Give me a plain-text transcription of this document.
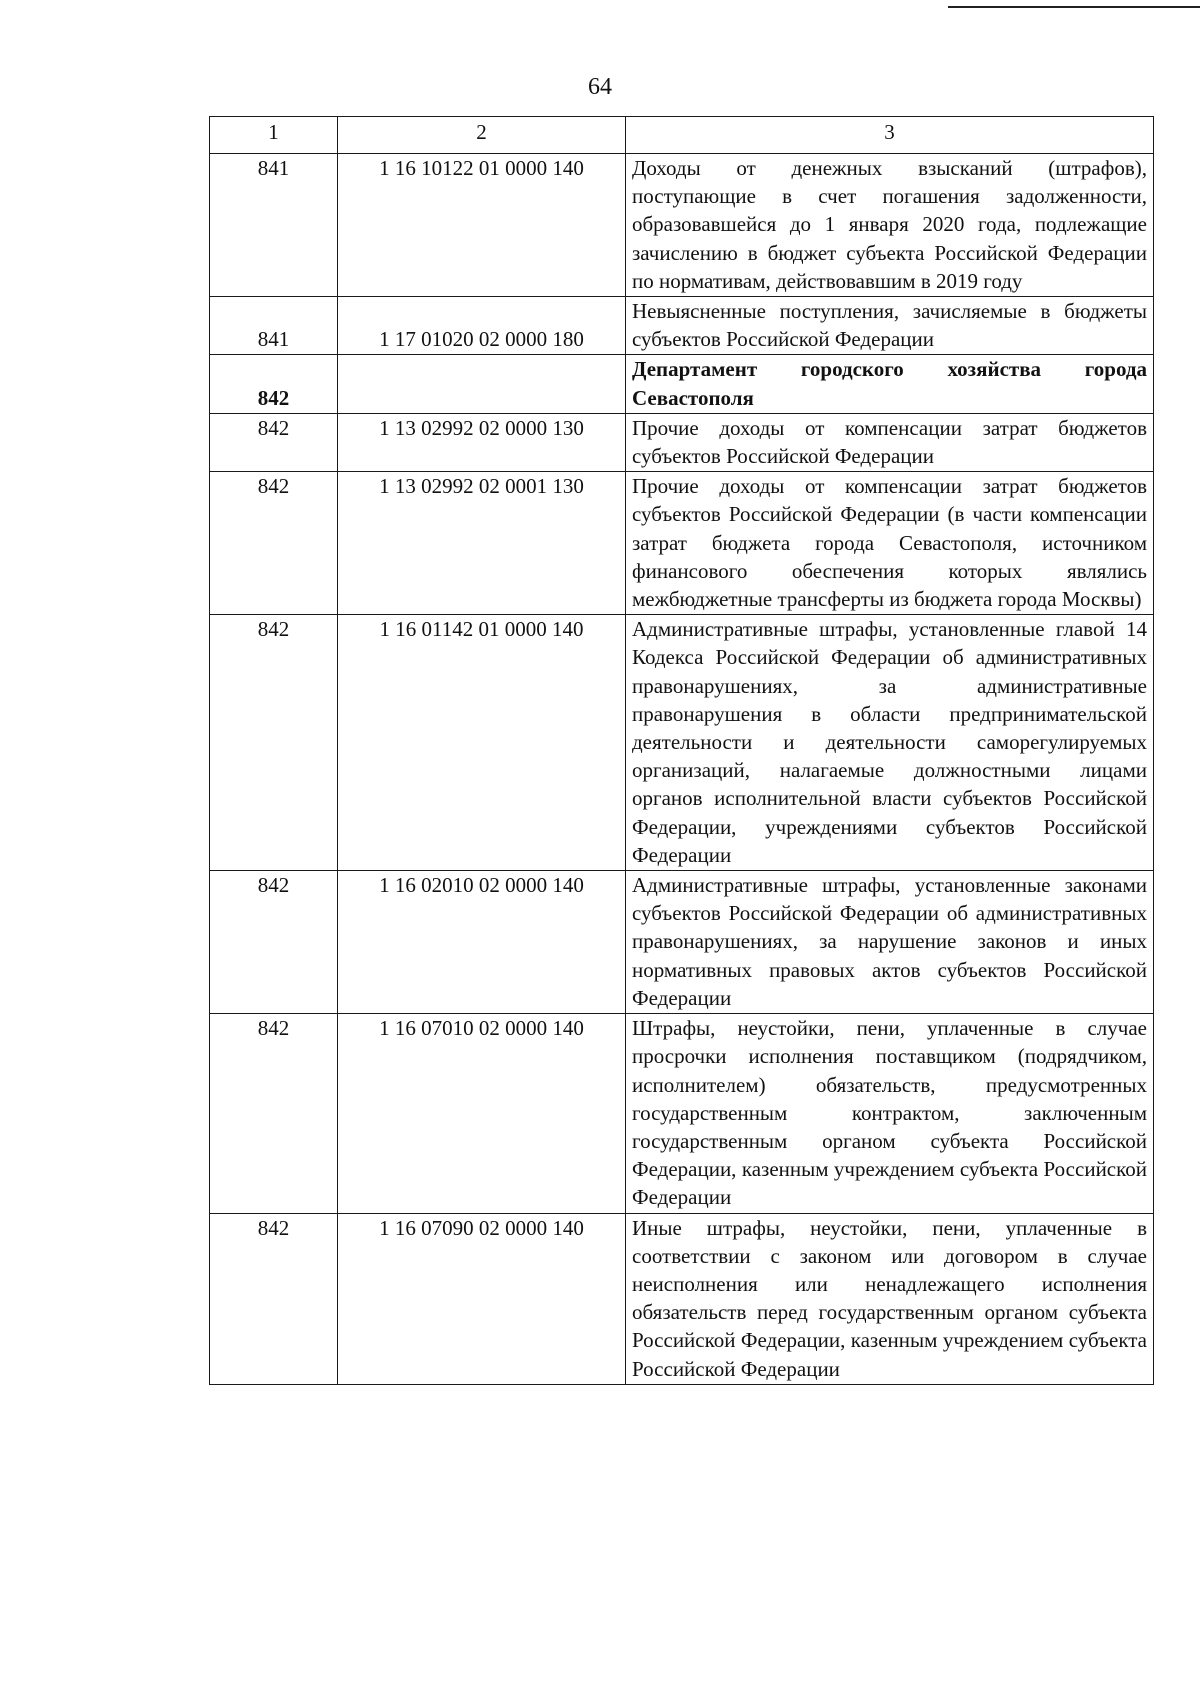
64
1	2	3
841	1 16 10122 01 0000 140	Доходы от денежных взысканий (штрафов), поступающие в счет погашения задолженности, образовавшейся до 1 января 2020 года, подлежащие зачислению в бюджет субъекта Российской Федерации по нормативам, действовавшим в 2019 году
841	1 17 01020 02 0000 180	Невыясненные поступления, зачисляемые в бюджеты субъектов Российской Федерации
842		Департамент городского хозяйства города Севастополя
842	1 13 02992 02 0000 130	Прочие доходы от компенсации затрат бюджетов субъектов Российской Федерации
842	1 13 02992 02 0001 130	Прочие доходы от компенсации затрат бюджетов субъектов Российской Федерации (в части компенсации затрат бюджета города Севастополя, источником финансового обеспечения которых являлись межбюджетные трансферты из бюджета города Москвы)
842	1 16 01142 01 0000 140	Административные штрафы, установленные главой 14 Кодекса Российской Федерации об административных правонарушениях, за административные правонарушения в области предпринимательской деятельности и деятельности саморегулируемых организаций, налагаемые должностными лицами органов исполнительной власти субъектов Российской Федерации, учреждениями субъектов Российской Федерации
842	1 16 02010 02 0000 140	Административные штрафы, установленные законами субъектов Российской Федерации об административных правонарушениях, за нарушение законов и иных нормативных правовых актов субъектов Российской Федерации
842	1 16 07010 02 0000 140	Штрафы, неустойки, пени, уплаченные в случае просрочки исполнения поставщиком (подрядчиком, исполнителем) обязательств, предусмотренных государственным контрактом, заключенным государственным органом субъекта Российской Федерации, казенным учреждением субъекта Российской Федерации
842	1 16 07090 02 0000 140	Иные штрафы, неустойки, пени, уплаченные в соответствии с законом или договором в случае неисполнения или ненадлежащего исполнения обязательств перед государственным органом субъекта Российской Федерации, казенным учреждением субъекта Российской Федерации
